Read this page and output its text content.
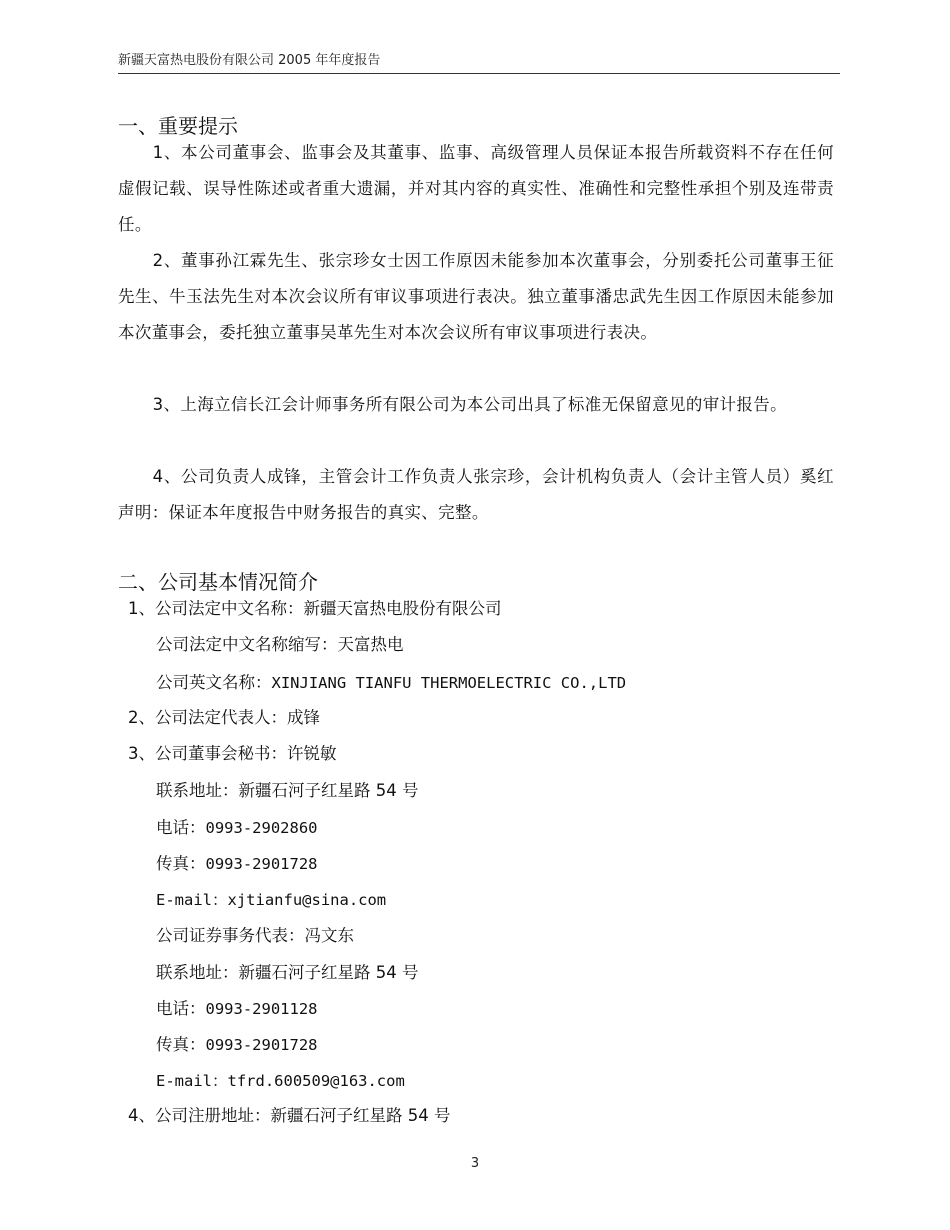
新疆天富热电股份有限公司 2005 年年度报告
一、重要提示
1、本公司董事会、监事会及其董事、监事、高级管理人员保证本报告所载资料不存在任何虚假记载、误导性陈述或者重大遗漏，并对其内容的真实性、准确性和完整性承担个别及连带责任。
2、董事孙江霖先生、张宗珍女士因工作原因未能参加本次董事会，分别委托公司董事王征先生、牛玉法先生对本次会议所有审议事项进行表决。独立董事潘忠武先生因工作原因未能参加本次董事会，委托独立董事吴革先生对本次会议所有审议事项进行表决。
3、上海立信长江会计师事务所有限公司为本公司出具了标准无保留意见的审计报告。
4、公司负责人成锋，主管会计工作负责人张宗珍，会计机构负责人（会计主管人员）奚红声明：保证本年度报告中财务报告的真实、完整。
二、公司基本情况简介
1、公司法定中文名称：新疆天富热电股份有限公司
公司法定中文名称缩写：天富热电
公司英文名称：XINJIANG TIANFU THERMOELECTRIC CO.,LTD
2、公司法定代表人：成锋
3、公司董事会秘书：许锐敏
联系地址：新疆石河子红星路 54 号
电话：0993-2902860
传真：0993-2901728
E-mail：xjtianfu@sina.com
公司证券事务代表：冯文东
联系地址：新疆石河子红星路 54 号
电话：0993-2901128
传真：0993-2901728
E-mail：tfrd.600509@163.com
4、公司注册地址：新疆石河子红星路 54 号
3
